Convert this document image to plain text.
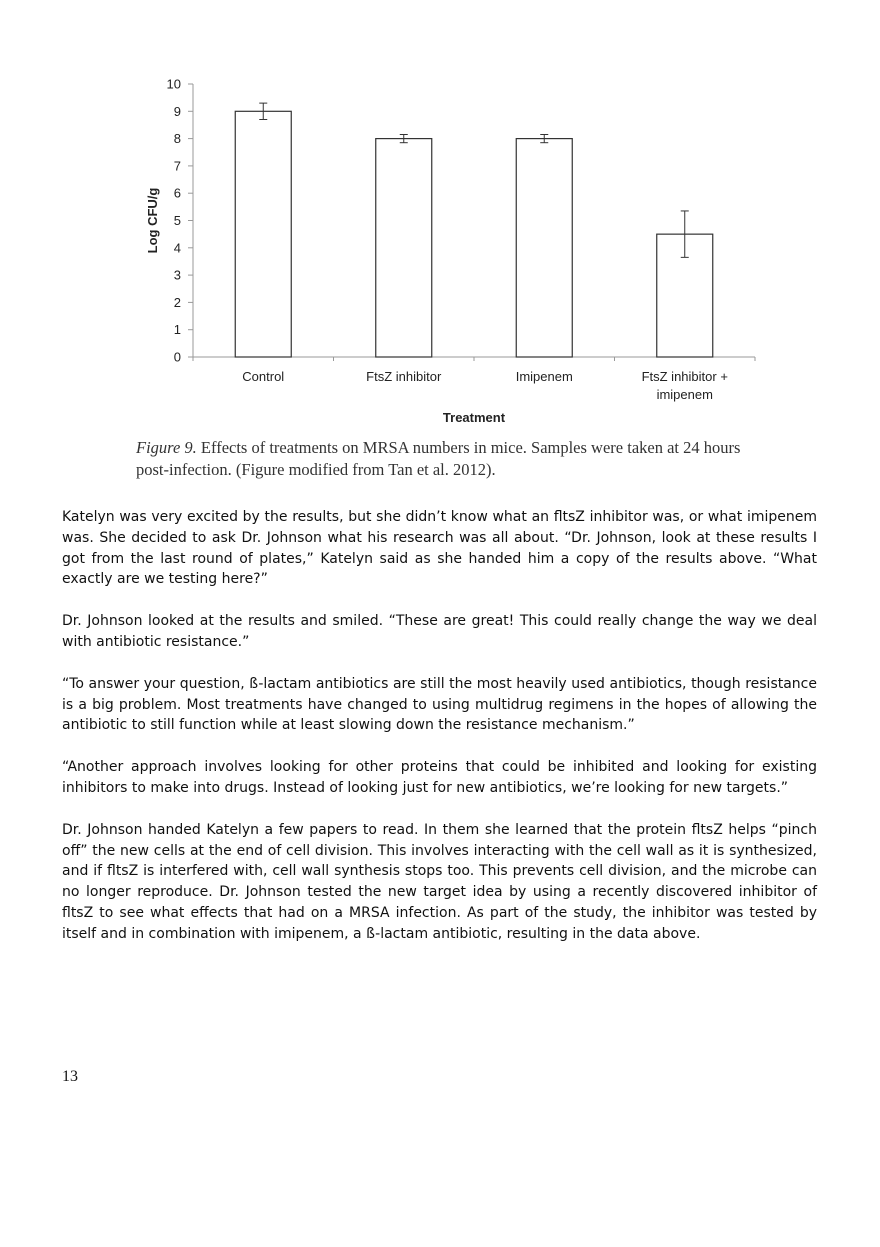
0
1
2
3
4
5
6
7
8
9
10
Log CFU/g
Control	FtsZ inhibitor	Imipenem	FtsZ inhibitor +
imipenem
Treatment
Figure 9. Effects of treatments on MRSA numbers in mice. Samples were taken at 24 hours post-infection. (Figure modified from Tan et al. 2012).

Katelyn was very excited by the results, but she didn’t know what an fltsZ inhibitor was, or what imipenem was. She decided to ask Dr. Johnson what his research was all about. “Dr. Johnson, look at these results I got from the last round of plates,” Katelyn said as she handed him a copy of the results above. “What exactly are we testing here?”

Dr. Johnson looked at the results and smiled. “These are great! This could really change the way we deal with antibiotic resistance.”

“To answer your question, ß-lactam antibiotics are still the most heavily used antibiotics, though resistance is a big problem. Most treatments have changed to using multidrug regimens in the hopes of allowing the antibiotic to still function while at least slowing down the resistance mechanism.”

“Another approach involves looking for other proteins that could be inhibited and looking for existing inhibitors to make into drugs. Instead of looking just for new antibiotics, we’re looking for new targets.”

Dr. Johnson handed Katelyn a few papers to read. In them she learned that the protein fltsZ helps “pinch off” the new cells at the end of cell division. This involves interacting with the cell wall as it is synthesized, and if fltsZ is interfered with, cell wall synthesis stops too. This prevents cell division, and the microbe can no longer reproduce. Dr. Johnson tested the new target idea by using a recently discovered inhibitor of fltsZ to see what effects that had on a MRSA infection. As part of the study, the inhibitor was tested by itself and in combination with imipenem, a ß-lactam antibiotic, resulting in the data above.

13
